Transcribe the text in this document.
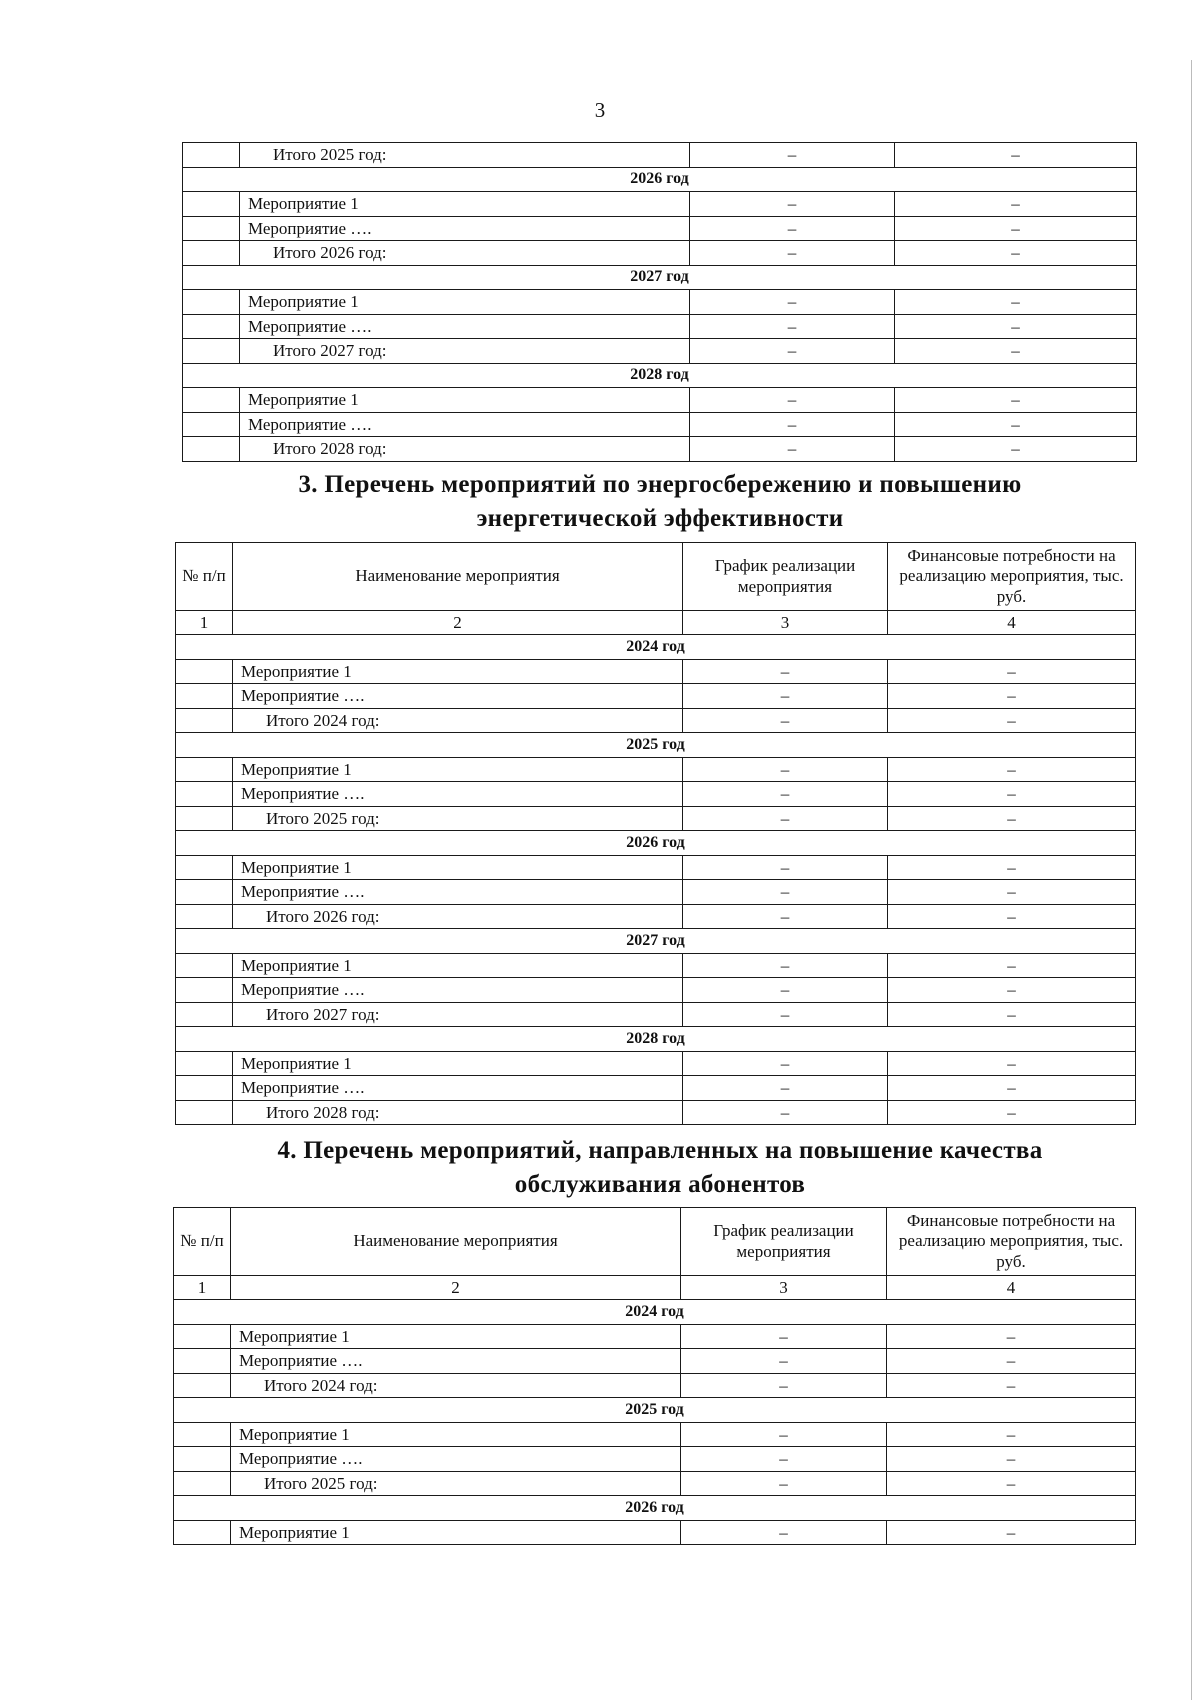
3
	Итого 2025 год:	–	–
2026 год			
	Мероприятие 1	–	–
	Мероприятие ….	–	–
	Итого 2026 год:	–	–
2027 год			
	Мероприятие 1	–	–
	Мероприятие ….	–	–
	Итого 2027 год:	–	–
2028 год			
	Мероприятие 1	–	–
	Мероприятие ….	–	–
	Итого 2028 год:	–	–
3. Перечень мероприятий по энергосбережению и повышению
энергетической эффективности
№ п/п	Наименование мероприятия	График реализации мероприятия	Финансовые потребности на реализацию мероприятия, тыс. руб.
1	2	3	4
2024 год			
	Мероприятие 1	–	–
	Мероприятие ….	–	–
	Итого 2024 год:	–	–
2025 год			
	Мероприятие 1	–	–
	Мероприятие ….	–	–
	Итого 2025 год:	–	–
2026 год			
	Мероприятие 1	–	–
	Мероприятие ….	–	–
	Итого 2026 год:	–	–
2027 год			
	Мероприятие 1	–	–
	Мероприятие ….	–	–
	Итого 2027 год:	–	–
2028 год			
	Мероприятие 1	–	–
	Мероприятие ….	–	–
	Итого 2028 год:	–	–
4. Перечень мероприятий, направленных на повышение качества
обслуживания абонентов
№ п/п	Наименование мероприятия	График реализации мероприятия	Финансовые потребности на реализацию мероприятия, тыс. руб.
1	2	3	4
2024 год			
	Мероприятие 1	–	–
	Мероприятие ….	–	–
	Итого 2024 год:	–	–
2025 год			
	Мероприятие 1	–	–
	Мероприятие ….	–	–
	Итого 2025 год:	–	–
2026 год			
	Мероприятие 1	–	–
